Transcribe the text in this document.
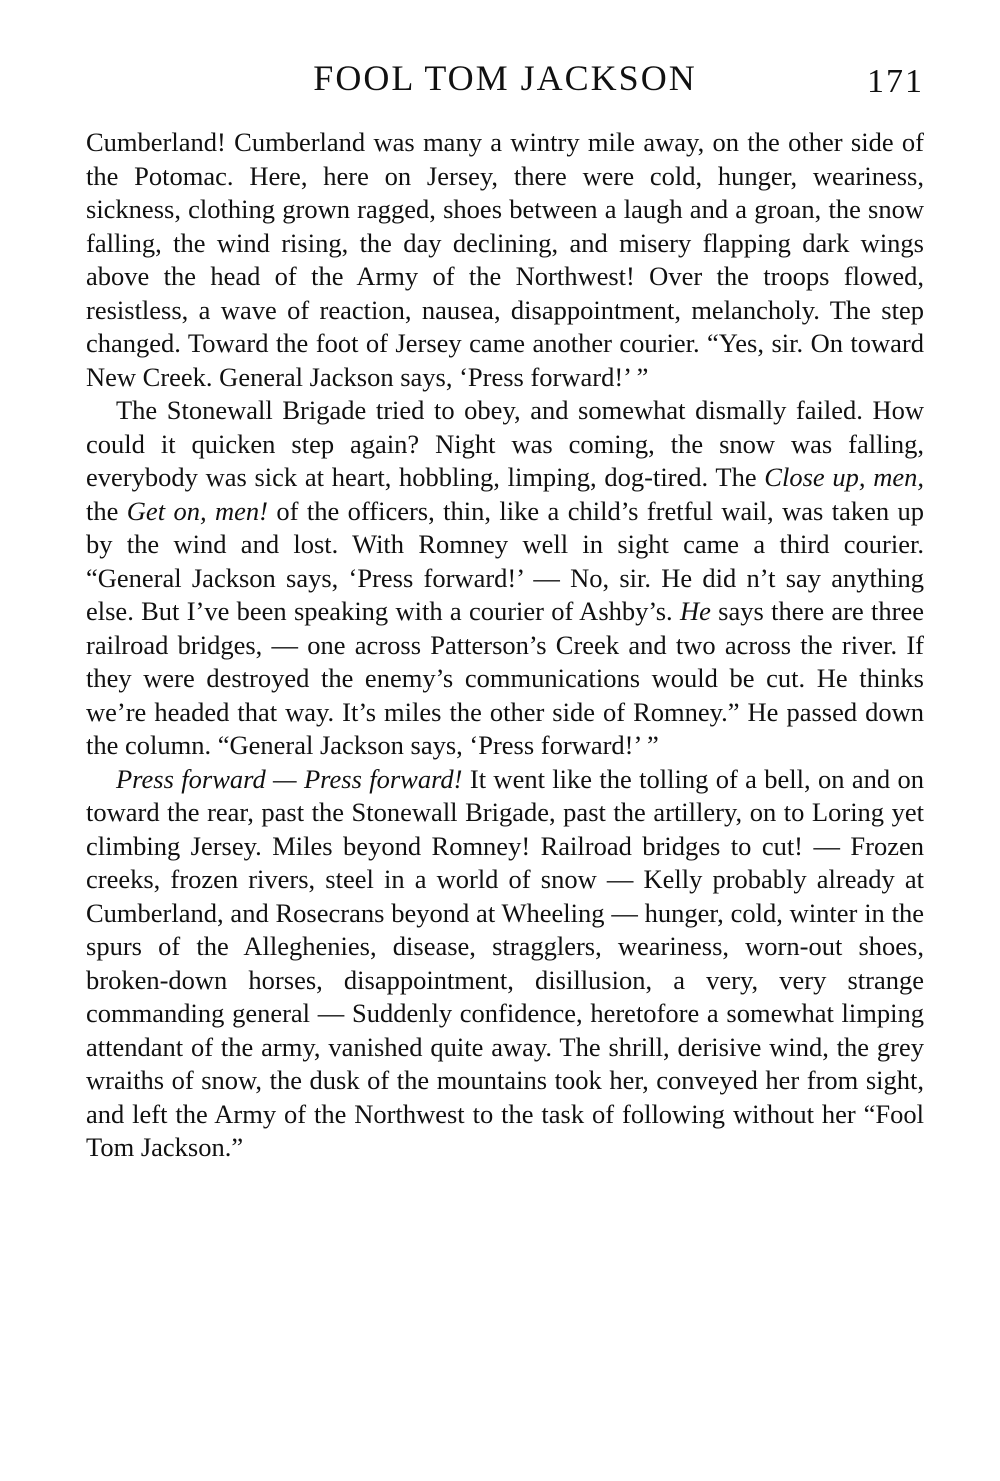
FOOL TOM JACKSON	171

Cumberland! Cumberland was many a wintry mile away, on the other side of the Potomac. Here, here on Jersey, there were cold, hunger, weariness, sickness, clothing grown ragged, shoes between a laugh and a groan, the snow falling, the wind rising, the day declining, and misery flapping dark wings above the head of the Army of the Northwest! Over the troops flowed, resistless, a wave of reaction, nausea, disappointment, melancholy. The step changed. Toward the foot of Jersey came another courier. “Yes, sir. On toward New Creek. General Jackson says, ‘Press forward!’ ”

The Stonewall Brigade tried to obey, and somewhat dismally failed. How could it quicken step again? Night was coming, the snow was falling, everybody was sick at heart, hobbling, limping, dog-tired. The Close up, men, the Get on, men! of the officers, thin, like a child’s fretful wail, was taken up by the wind and lost. With Romney well in sight came a third courier. “General Jackson says, ‘Press forward!’ — No, sir. He did n’t say anything else. But I’ve been speaking with a courier of Ashby’s. He says there are three railroad bridges, — one across Patterson’s Creek and two across the river. If they were destroyed the enemy’s communications would be cut. He thinks we’re headed that way. It’s miles the other side of Romney.” He passed down the column. “General Jackson says, ‘Press forward!’ ”

Press forward — Press forward! It went like the tolling of a bell, on and on toward the rear, past the Stonewall Brigade, past the artillery, on to Loring yet climbing Jersey. Miles beyond Romney! Railroad bridges to cut! — Frozen creeks, frozen rivers, steel in a world of snow — Kelly probably already at Cumberland, and Rosecrans beyond at Wheeling — hunger, cold, winter in the spurs of the Alleghenies, disease, stragglers, weariness, worn-out shoes, broken-down horses, disappointment, disillusion, a very, very strange commanding general — Suddenly confidence, heretofore a somewhat limping attendant of the army, vanished quite away. The shrill, derisive wind, the grey wraiths of snow, the dusk of the mountains took her, conveyed her from sight, and left the Army of the Northwest to the task of following without her “Fool Tom Jackson.”
